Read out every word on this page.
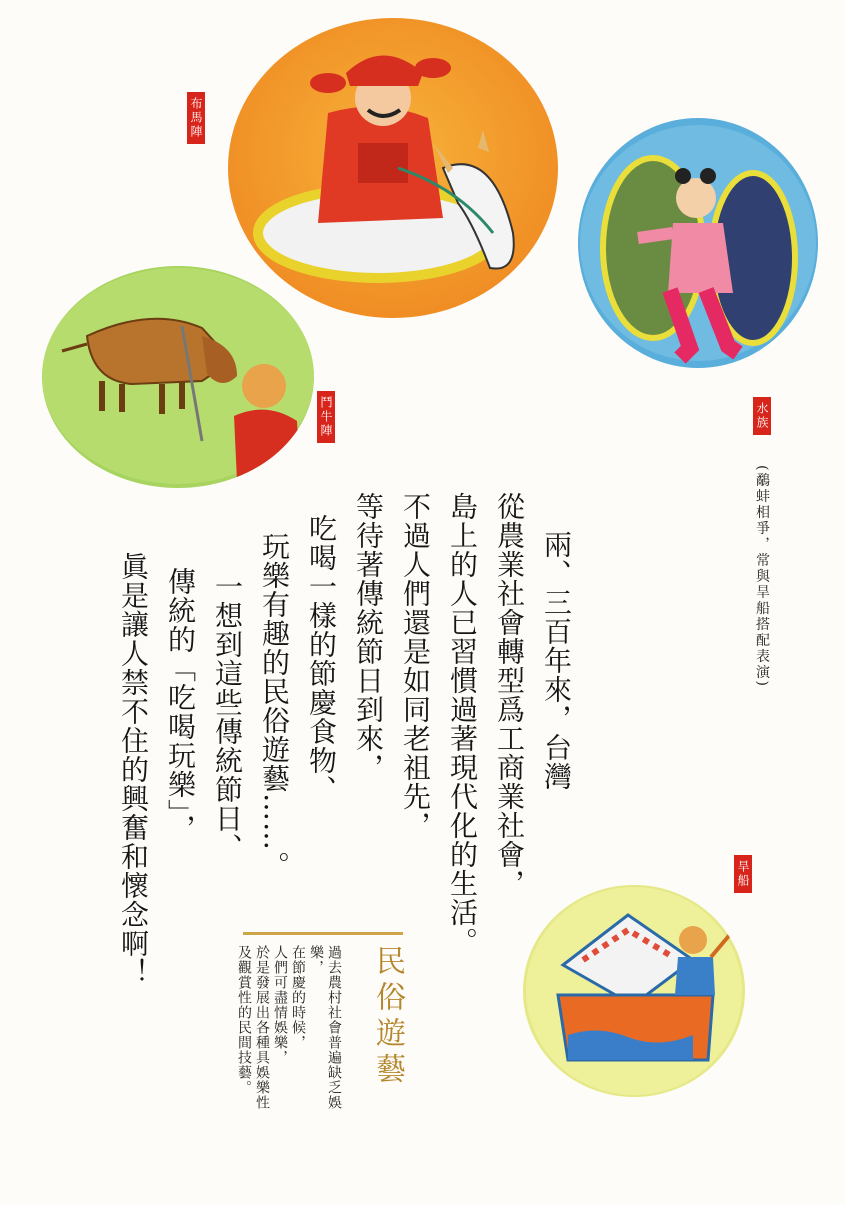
布馬陣
水族
鬥牛陣
旱船
(鷸蚌相爭，常與旱船搭配表演)
兩、三百年來，台灣
從農業社會轉型爲工商業社會，
島上的人已習慣過著現代化的生活。
不過人們還是如同老祖先，
等待著傳統節日到來，
吃喝一樣的節慶食物、
玩樂有趣的民俗遊藝……。
一想到這些傳統節日、
傳統的「吃喝玩樂」，
眞是讓人禁不住的興奮和懷念啊！
民俗遊藝
過去農村社會普遍缺乏娛樂，
在節慶的時候，
人們可盡情娛樂，
於是發展出各種具娛樂性
及觀賞性的民間技藝。
